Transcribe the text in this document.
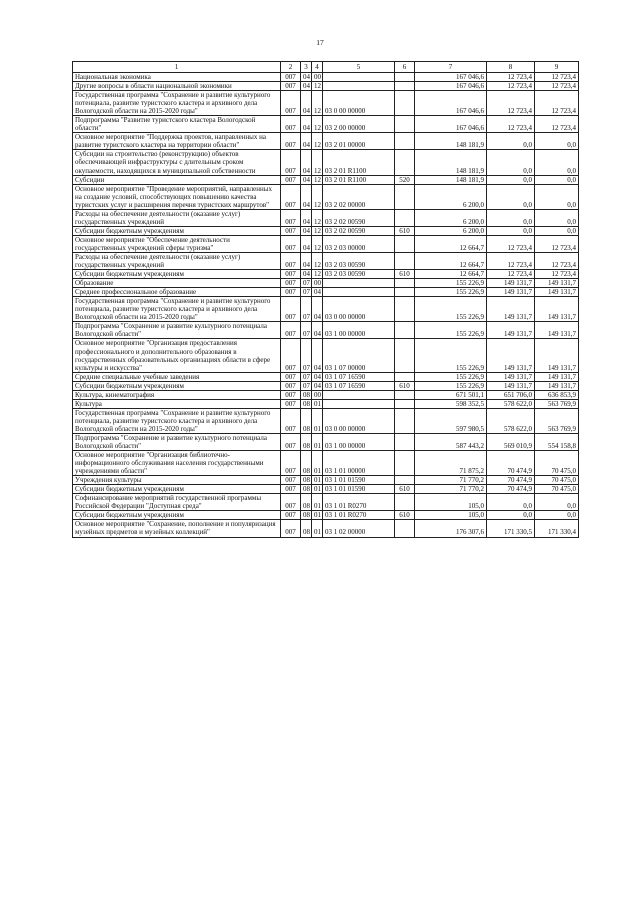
17
1	2	3	4	5	6	7	8	9
Национальная экономика	007	04	00			167 046,6	12 723,4	12 723,4
Другие вопросы в области национальной экономики	007	04	12			167 046,6	12 723,4	12 723,4
Государственная программа "Сохранение и развитие культурного потенциала, развитие туристского кластера и архивного дела Вологодской области на 2015-2020 годы"	007	04	12	03 0 00 00000		167 046,6	12 723,4	12 723,4
Подпрограмма "Развитие туристского кластера Вологодской области"	007	04	12	03 2 00 00000		167 046,6	12 723,4	12 723,4
Основное мероприятие "Поддержка проектов, направленных на развитие туристского кластера на территории области"	007	04	12	03 2 01 00000		148 181,9	0,0	0,0
Субсидии на строительство (реконструкцию) объектов обеспечивающей инфраструктуры с длительным сроком окупаемости, находящихся в муниципальной собственности	007	04	12	03 2 01 R1100		148 181,9	0,0	0,0
Субсидии	007	04	12	03 2 01 R1100	520	148 181,9	0,0	0,0
Основное мероприятие "Проведение мероприятий, направленных на создание условий, способствующих повышению качества туристских услуг и расширения перечня туристских маршрутов"	007	04	12	03 2 02 00000		6 200,0	0,0	0,0
Расходы на обеспечение деятельности (оказание услуг) государственных учреждений	007	04	12	03 2 02 00590		6 200,0	0,0	0,0
Субсидии бюджетным учреждениям	007	04	12	03 2 02 00590	610	6 200,0	0,0	0,0
Основное мероприятие "Обеспечение деятельности государственных учреждений сферы туризма"	007	04	12	03 2 03 00000		12 664,7	12 723,4	12 723,4
Расходы на обеспечение деятельности (оказание услуг) государственных учреждений	007	04	12	03 2 03 00590		12 664,7	12 723,4	12 723,4
Субсидии бюджетным учреждениям	007	04	12	03 2 03 00590	610	12 664,7	12 723,4	12 723,4
Образование	007	07	00			155 226,9	149 131,7	149 131,7
Среднее профессиональное образование	007	07	04			155 226,9	149 131,7	149 131,7
Государственная программа "Сохранение и развитие культурного потенциала, развитие туристского кластера и архивного дела Вологодской области на 2015-2020 годы"	007	07	04	03 0 00 00000		155 226,9	149 131,7	149 131,7
Подпрограмма "Сохранение и развитие культурного потенциала Вологодской области"	007	07	04	03 1 00 00000		155 226,9	149 131,7	149 131,7
Основное мероприятие "Организация предоставления профессионального и дополнительного образования в государственных образовательных организациях области в сфере культуры и искусства"	007	07	04	03 1 07 00000		155 226,9	149 131,7	149 131,7
Средние специальные учебные заведения	007	07	04	03 1 07 16590		155 226,9	149 131,7	149 131,7
Субсидии бюджетным учреждениям	007	07	04	03 1 07 16590	610	155 226,9	149 131,7	149 131,7
Культура, кинематография	007	08	00			671 501,1	651 706,0	636 853,9
Культура	007	08	01			598 352,5	578 622,0	563 769,9
Государственная программа "Сохранение и развитие культурного потенциала, развитие туристского кластера и архивного дела Вологодской области на 2015-2020 годы"	007	08	01	03 0 00 00000		597 980,5	578 622,0	563 769,9
Подпрограмма "Сохранение и развитие культурного потенциала Вологодской области"	007	08	01	03 1 00 00000		587 443,2	569 010,9	554 158,8
Основное мероприятие "Организация библиотечно-информационного обслуживания населения государственными учреждениями области"	007	08	01	03 1 01 00000		71 875,2	70 474,9	70 475,0
Учреждения культуры	007	08	01	03 1 01 01590		71 770,2	70 474,9	70 475,0
Субсидии бюджетным учреждениям	007	08	01	03 1 01 01590	610	71 770,2	70 474,9	70 475,0
Софинансирование мероприятий государственной программы Российской Федерации "Доступная среда"	007	08	01	03 1 01 R0270		105,0	0,0	0,0
Субсидии бюджетным учреждениям	007	08	01	03 1 01 R0270	610	105,0	0,0	0,0
Основное мероприятие "Сохранение, пополнение и популяризация музейных предметов и музейных коллекций"	007	08	01	03 1 02 00000		176 307,6	171 330,5	171 330,4
